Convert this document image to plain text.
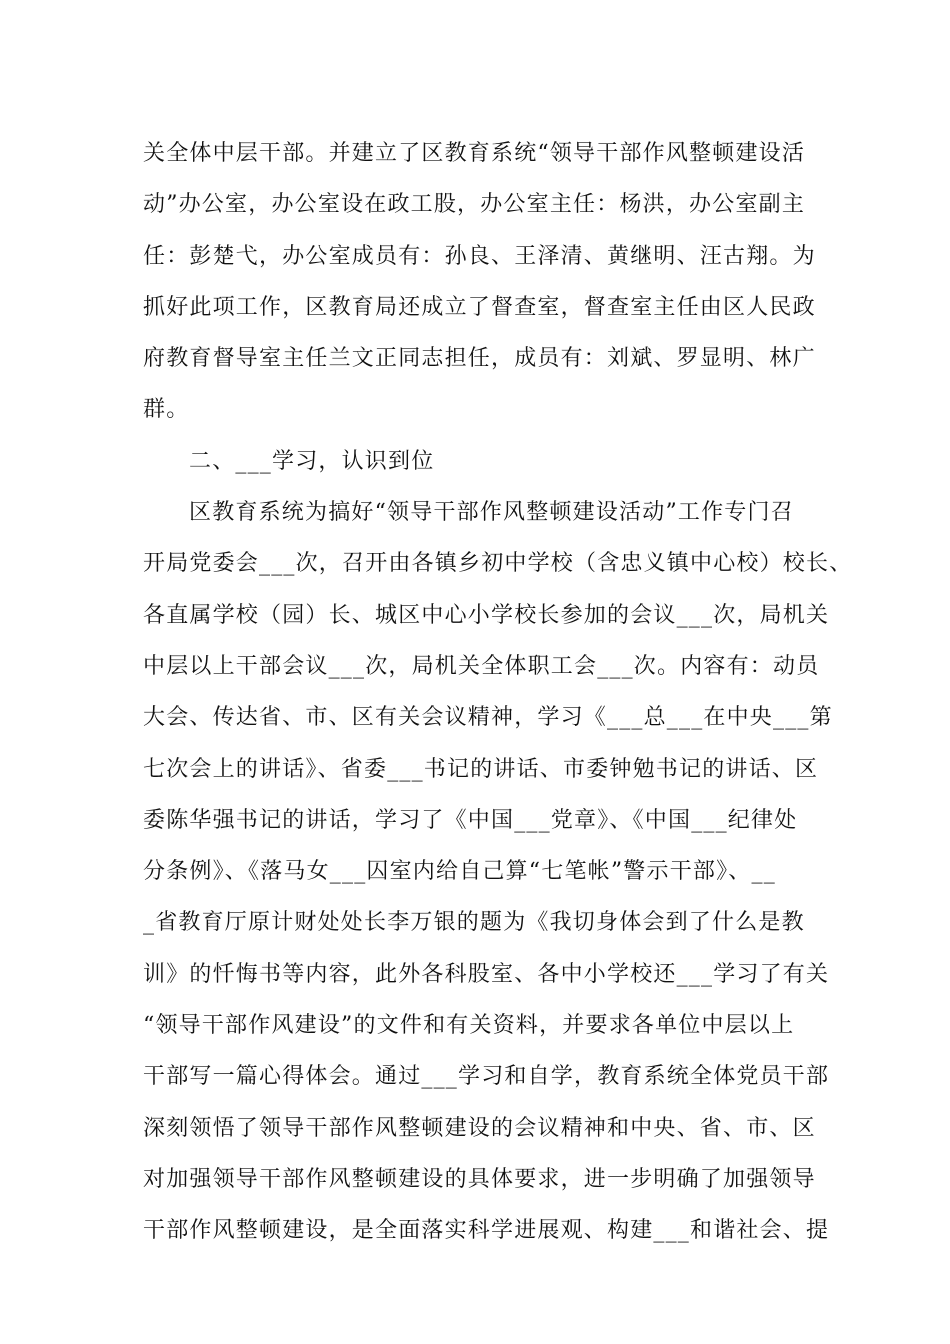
关全体中层干部。并建立了区教育系统“领导干部作风整顿建设活
动”办公室，办公室设在政工股，办公室主任：杨洪，办公室副主
任：彭楚弋，办公室成员有：孙良、王泽清、黄继明、汪古翔。为
抓好此项工作，区教育局还成立了督查室，督查室主任由区人民政
府教育督导室主任兰文正同志担任，成员有：刘斌、罗显明、林广
群。
二、___学习，认识到位
区教育系统为搞好“领导干部作风整顿建设活动”工作专门召
开局党委会___次，召开由各镇乡初中学校（含忠义镇中心校）校长、
各直属学校（园）长、城区中心小学校长参加的会议___次，局机关
中层以上干部会议___次，局机关全体职工会___次。内容有：动员
大会、传达省、市、区有关会议精神，学习《___总___在中央___第
七次会上的讲话》、省委___书记的讲话、市委钟勉书记的讲话、区
委陈华强书记的讲话，学习了《中国___党章》、《中国___纪律处
分条例》、《落马女___囚室内给自己算“七笔帐”警示干部》、__
_省教育厅原计财处处长李万银的题为《我切身体会到了什么是教
训》的忏悔书等内容，此外各科股室、各中小学校还___学习了有关
“领导干部作风建设”的文件和有关资料，并要求各单位中层以上
干部写一篇心得体会。通过___学习和自学，教育系统全体党员干部
深刻领悟了领导干部作风整顿建设的会议精神和中央、省、市、区
对加强领导干部作风整顿建设的具体要求，进一步明确了加强领导
干部作风整顿建设，是全面落实科学进展观、构建___和谐社会、提
